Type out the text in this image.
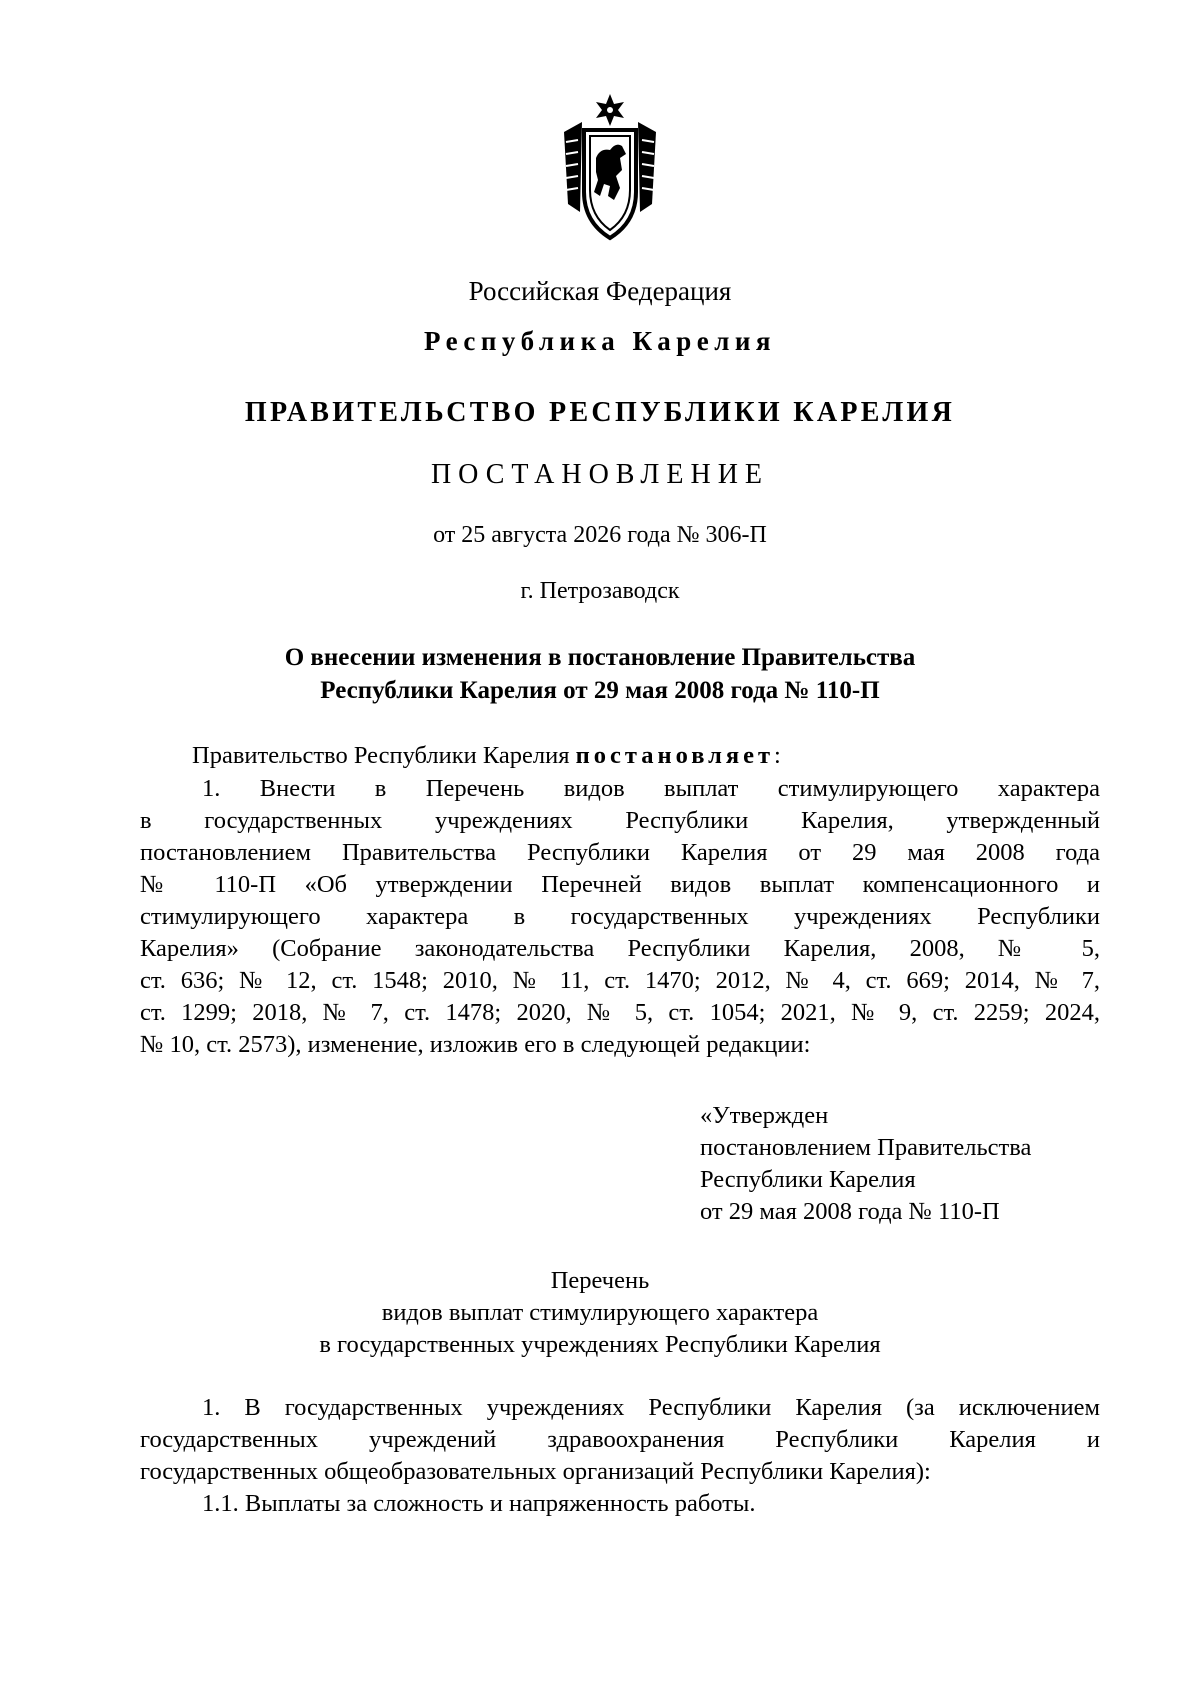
Российская Федерация
Республика Карелия
ПРАВИТЕЛЬСТВО РЕСПУБЛИКИ КАРЕЛИЯ
ПОСТАНОВЛЕНИЕ
от 25 августа 2026 года № 306-П
г. Петрозаводск
О внесении изменения в постановление Правительства
Республики Карелия от 29 мая 2008 года № 110-П
Правительство Республики Карелия постановляет:
1. Внести в Перечень видов выплат стимулирующего характера
в государственных учреждениях Республики Карелия, утвержденный
постановлением Правительства Республики Карелия от 29 мая 2008 года
№ 110-П «Об утверждении Перечней видов выплат компенсационного и
стимулирующего характера в государственных учреждениях Республики
Карелия» (Собрание законодательства Республики Карелия, 2008, № 5,
ст. 636; № 12, ст. 1548; 2010, № 11, ст. 1470; 2012, № 4, ст. 669; 2014, № 7,
ст. 1299; 2018, № 7, ст. 1478; 2020, № 5, ст. 1054; 2021, № 9, ст. 2259; 2024,
№ 10, ст. 2573), изменение, изложив его в следующей редакции:
«Утвержден
постановлением Правительства
Республики Карелия
от 29 мая 2008 года № 110-П
Перечень
видов выплат стимулирующего характера
в государственных учреждениях Республики Карелия
1. В государственных учреждениях Республики Карелия (за исключением
государственных учреждений здравоохранения Республики Карелия и
государственных общеобразовательных организаций Республики Карелия):
1.1. Выплаты за сложность и напряженность работы.
